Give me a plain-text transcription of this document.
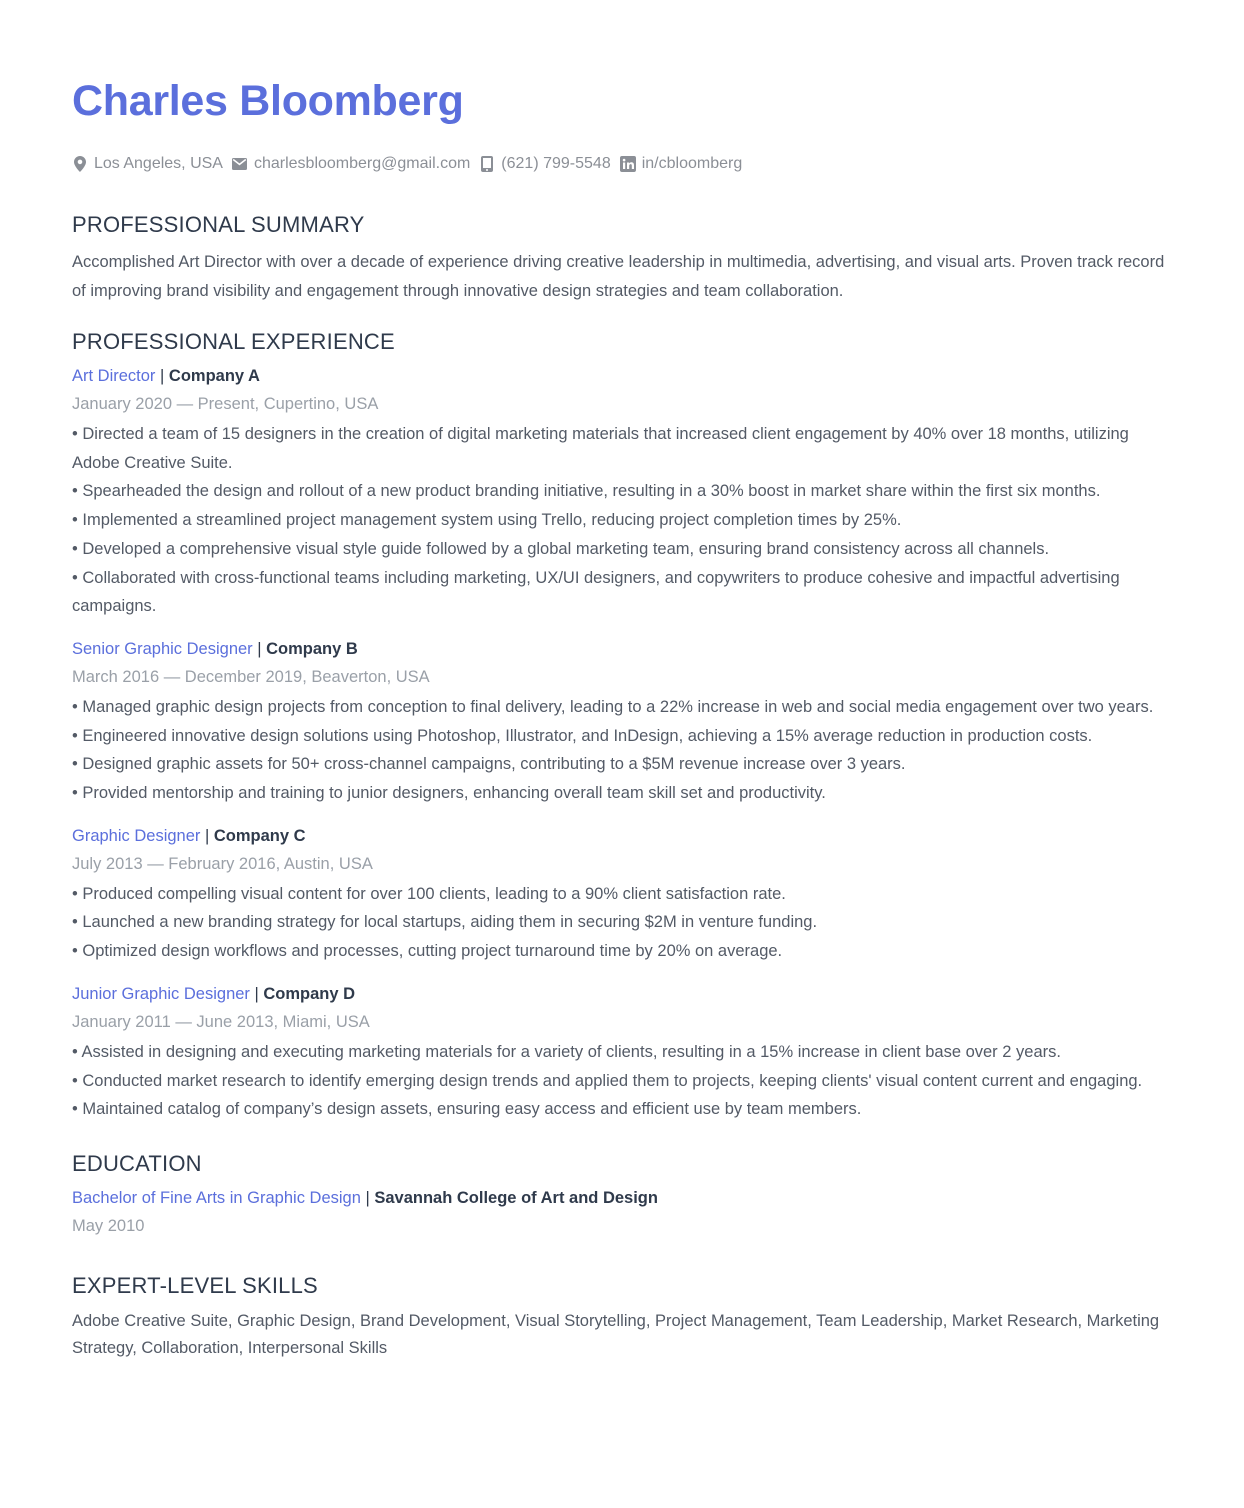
Charles Bloomberg
Los Angeles, USA charlesbloomberg@gmail.com (621) 799-5548 in/cbloomberg
PROFESSIONAL SUMMARY

Accomplished Art Director with over a decade of experience driving creative leadership in multimedia, advertising, and visual arts. Proven track record of improving brand visibility and engagement through innovative design strategies and team collaboration.

PROFESSIONAL EXPERIENCE
Art Director | Company A
January 2020 — Present, Cupertino, USA
• Directed a team of 15 designers in the creation of digital marketing materials that increased client engagement by 40% over 18 months, utilizing Adobe Creative Suite.
• Spearheaded the design and rollout of a new product branding initiative, resulting in a 30% boost in market share within the first six months.
• Implemented a streamlined project management system using Trello, reducing project completion times by 25%.
• Developed a comprehensive visual style guide followed by a global marketing team, ensuring brand consistency across all channels.
• Collaborated with cross-functional teams including marketing, UX/UI designers, and copywriters to produce cohesive and impactful advertising campaigns.
Senior Graphic Designer | Company B
March 2016 — December 2019, Beaverton, USA
• Managed graphic design projects from conception to final delivery, leading to a 22% increase in web and social media engagement over two years.
• Engineered innovative design solutions using Photoshop, Illustrator, and InDesign, achieving a 15% average reduction in production costs.
• Designed graphic assets for 50+ cross-channel campaigns, contributing to a $5M revenue increase over 3 years.
• Provided mentorship and training to junior designers, enhancing overall team skill set and productivity.
Graphic Designer | Company C
July 2013 — February 2016, Austin, USA
• Produced compelling visual content for over 100 clients, leading to a 90% client satisfaction rate.
• Launched a new branding strategy for local startups, aiding them in securing $2M in venture funding.
• Optimized design workflows and processes, cutting project turnaround time by 20% on average.
Junior Graphic Designer | Company D
January 2011 — June 2013, Miami, USA
• Assisted in designing and executing marketing materials for a variety of clients, resulting in a 15% increase in client base over 2 years.
• Conducted market research to identify emerging design trends and applied them to projects, keeping clients' visual content current and engaging.
• Maintained catalog of company’s design assets, ensuring easy access and efficient use by team members.
EDUCATION
Bachelor of Fine Arts in Graphic Design | Savannah College of Art and Design
May 2010
EXPERT-LEVEL SKILLS

Adobe Creative Suite, Graphic Design, Brand Development, Visual Storytelling, Project Management, Team Leadership, Market Research, Marketing Strategy, Collaboration, Interpersonal Skills
